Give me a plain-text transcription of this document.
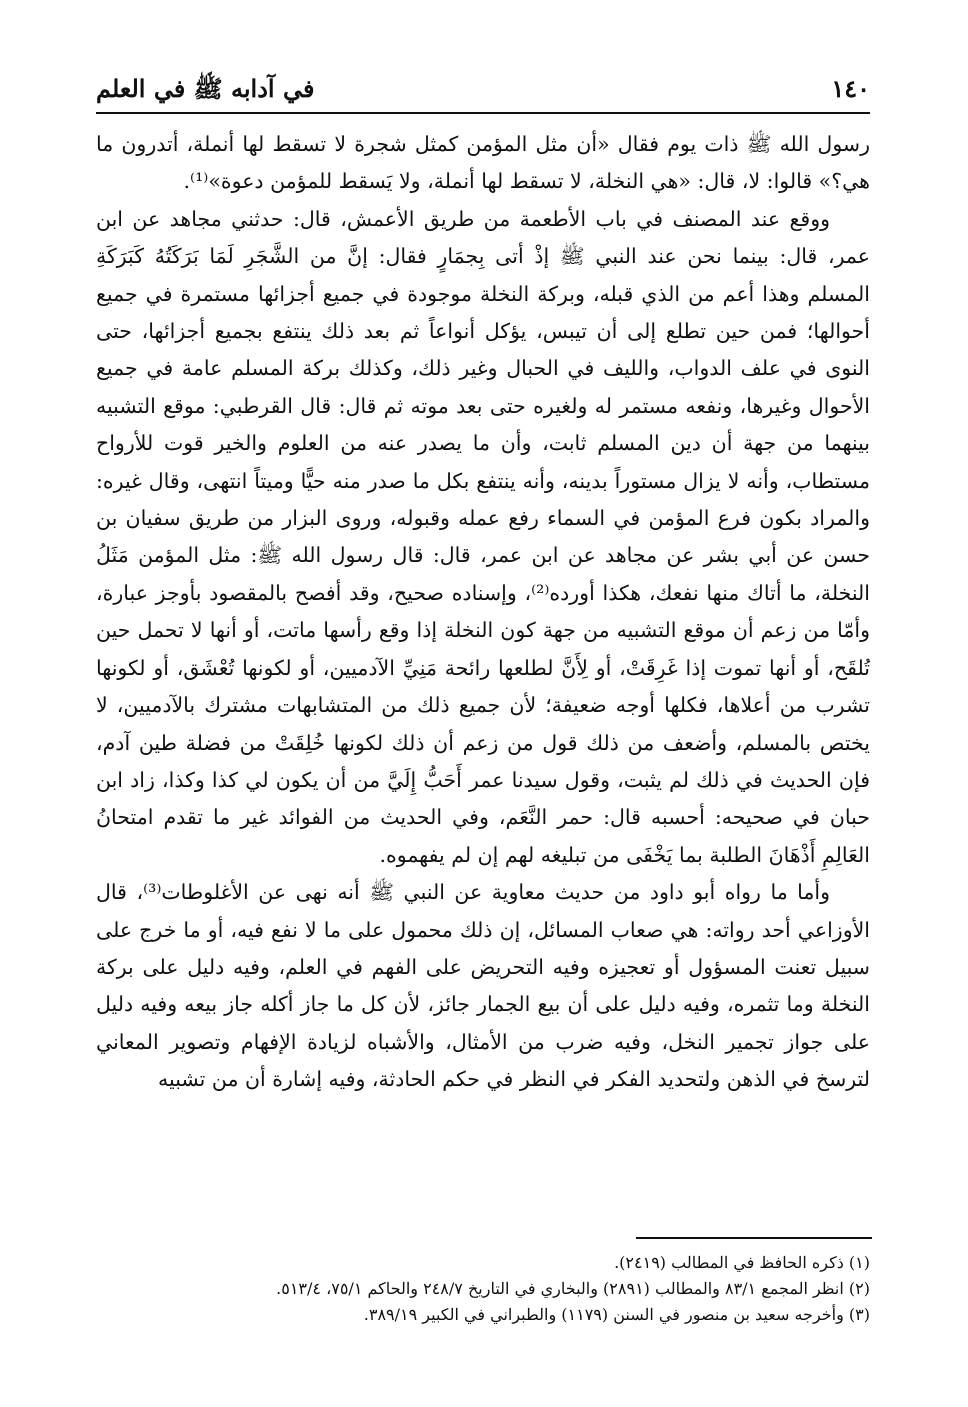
١٤٠
في آدابه ﷺ في العلم

رسول الله ﷺ ذات يوم فقال «أن مثل المؤمن كمثل شجرة لا تسقط لها أنملة، أتدرون ما هي؟» قالوا: لا، قال: «هي النخلة، لا تسقط لها أنملة، ولا يَسقط للمؤمن دعوة»⁽¹⁾.

ووقع عند المصنف في باب الأطعمة من طريق الأعمش، قال: حدثني مجاهد عن ابن عمر، قال: بينما نحن عند النبي ﷺ إذْ أتى بِجمَارٍ فقال: إنَّ من الشَّجَرِ لَمَا بَرَكَتُهُ كَبَرَكَةِ المسلم وهذا أعم من الذي قبله، وبركة النخلة موجودة في جميع أجزائها مستمرة في جميع أحوالها؛ فمن حين تطلع إلى أن تيبس، يؤكل أنواعاً ثم بعد ذلك ينتفع بجميع أجزائها، حتى النوى في علف الدواب، والليف في الحبال وغير ذلك، وكذلك بركة المسلم عامة في جميع الأحوال وغيرها، ونفعه مستمر له ولغيره حتى بعد موته ثم قال: قال القرطبي: موقع التشبيه بينهما من جهة أن دين المسلم ثابت، وأن ما يصدر عنه من العلوم والخير قوت للأرواح مستطاب، وأنه لا يزال مستوراً بدينه، وأنه ينتفع بكل ما صدر منه حيًّا وميتاً انتهى، وقال غيره: والمراد بكون فرع المؤمن في السماء رفع عمله وقبوله، وروى البزار من طريق سفيان بن حسن عن أبي بشر عن مجاهد عن ابن عمر، قال: قال رسول الله ﷺ: مثل المؤمن مَثَلُ النخلة، ما أتاك منها نفعك، هكذا أورده⁽²⁾، وإسناده صحيح، وقد أفصح بالمقصود بأوجز عبارة، وأمّا من زعم أن موقع التشبيه من جهة كون النخلة إذا وقع رأسها ماتت، أو أنها لا تحمل حين تُلقَح، أو أنها تموت إذا غَرِقَتْ، أو لِأَنَّ لطلعها رائحة مَنِيِّ الآدميين، أو لكونها تُعْشَق، أو لكونها تشرب من أعلاها، فكلها أوجه ضعيفة؛ لأن جميع ذلك من المتشابهات مشترك بالآدميين، لا يختص بالمسلم، وأضعف من ذلك قول من زعم أن ذلك لكونها خُلِقَتْ من فضلة طين آدم، فإن الحديث في ذلك لم يثبت، وقول سيدنا عمر أَحَبُّ إِلَيَّ من أن يكون لي كذا وكذا، زاد ابن حبان في صحيحه: أحسبه قال: حمر النَّعَم، وفي الحديث من الفوائد غير ما تقدم امتحانُ العَالِمِ أَذْهَانَ الطلبة بما يَخْفَى من تبليغه لهم إن لم يفهموه.

وأما ما رواه أبو داود من حديث معاوية عن النبي ﷺ أنه نهى عن الأغلوطات⁽³⁾، قال الأوزاعي أحد رواته: هي صعاب المسائل، إن ذلك محمول على ما لا نفع فيه، أو ما خرج على سبيل تعنت المسؤول أو تعجيزه وفيه التحريض على الفهم في العلم، وفيه دليل على بركة النخلة وما تثمره، وفيه دليل على أن بيع الجمار جائز، لأن كل ما جاز أكله جاز بيعه وفيه دليل على جواز تجمير النخل، وفيه ضرب من الأمثال، والأشباه لزيادة الإفهام وتصوير المعاني لترسخ في الذهن ولتحديد الفكر في النظر في حكم الحادثة، وفيه إشارة أن من تشبيه

(١) ذكره الحافظ في المطالب (٢٤١٩).

(٢) انظر المجمع ٨٣/١ والمطالب (٢٨٩١) والبخاري في التاريخ ٢٤٨/٧ والحاكم ٧٥/١، ٥١٣/٤.

(٣) وأخرجه سعيد بن منصور في السنن (١١٧٩) والطبراني في الكبير ٣٨٩/١٩.
